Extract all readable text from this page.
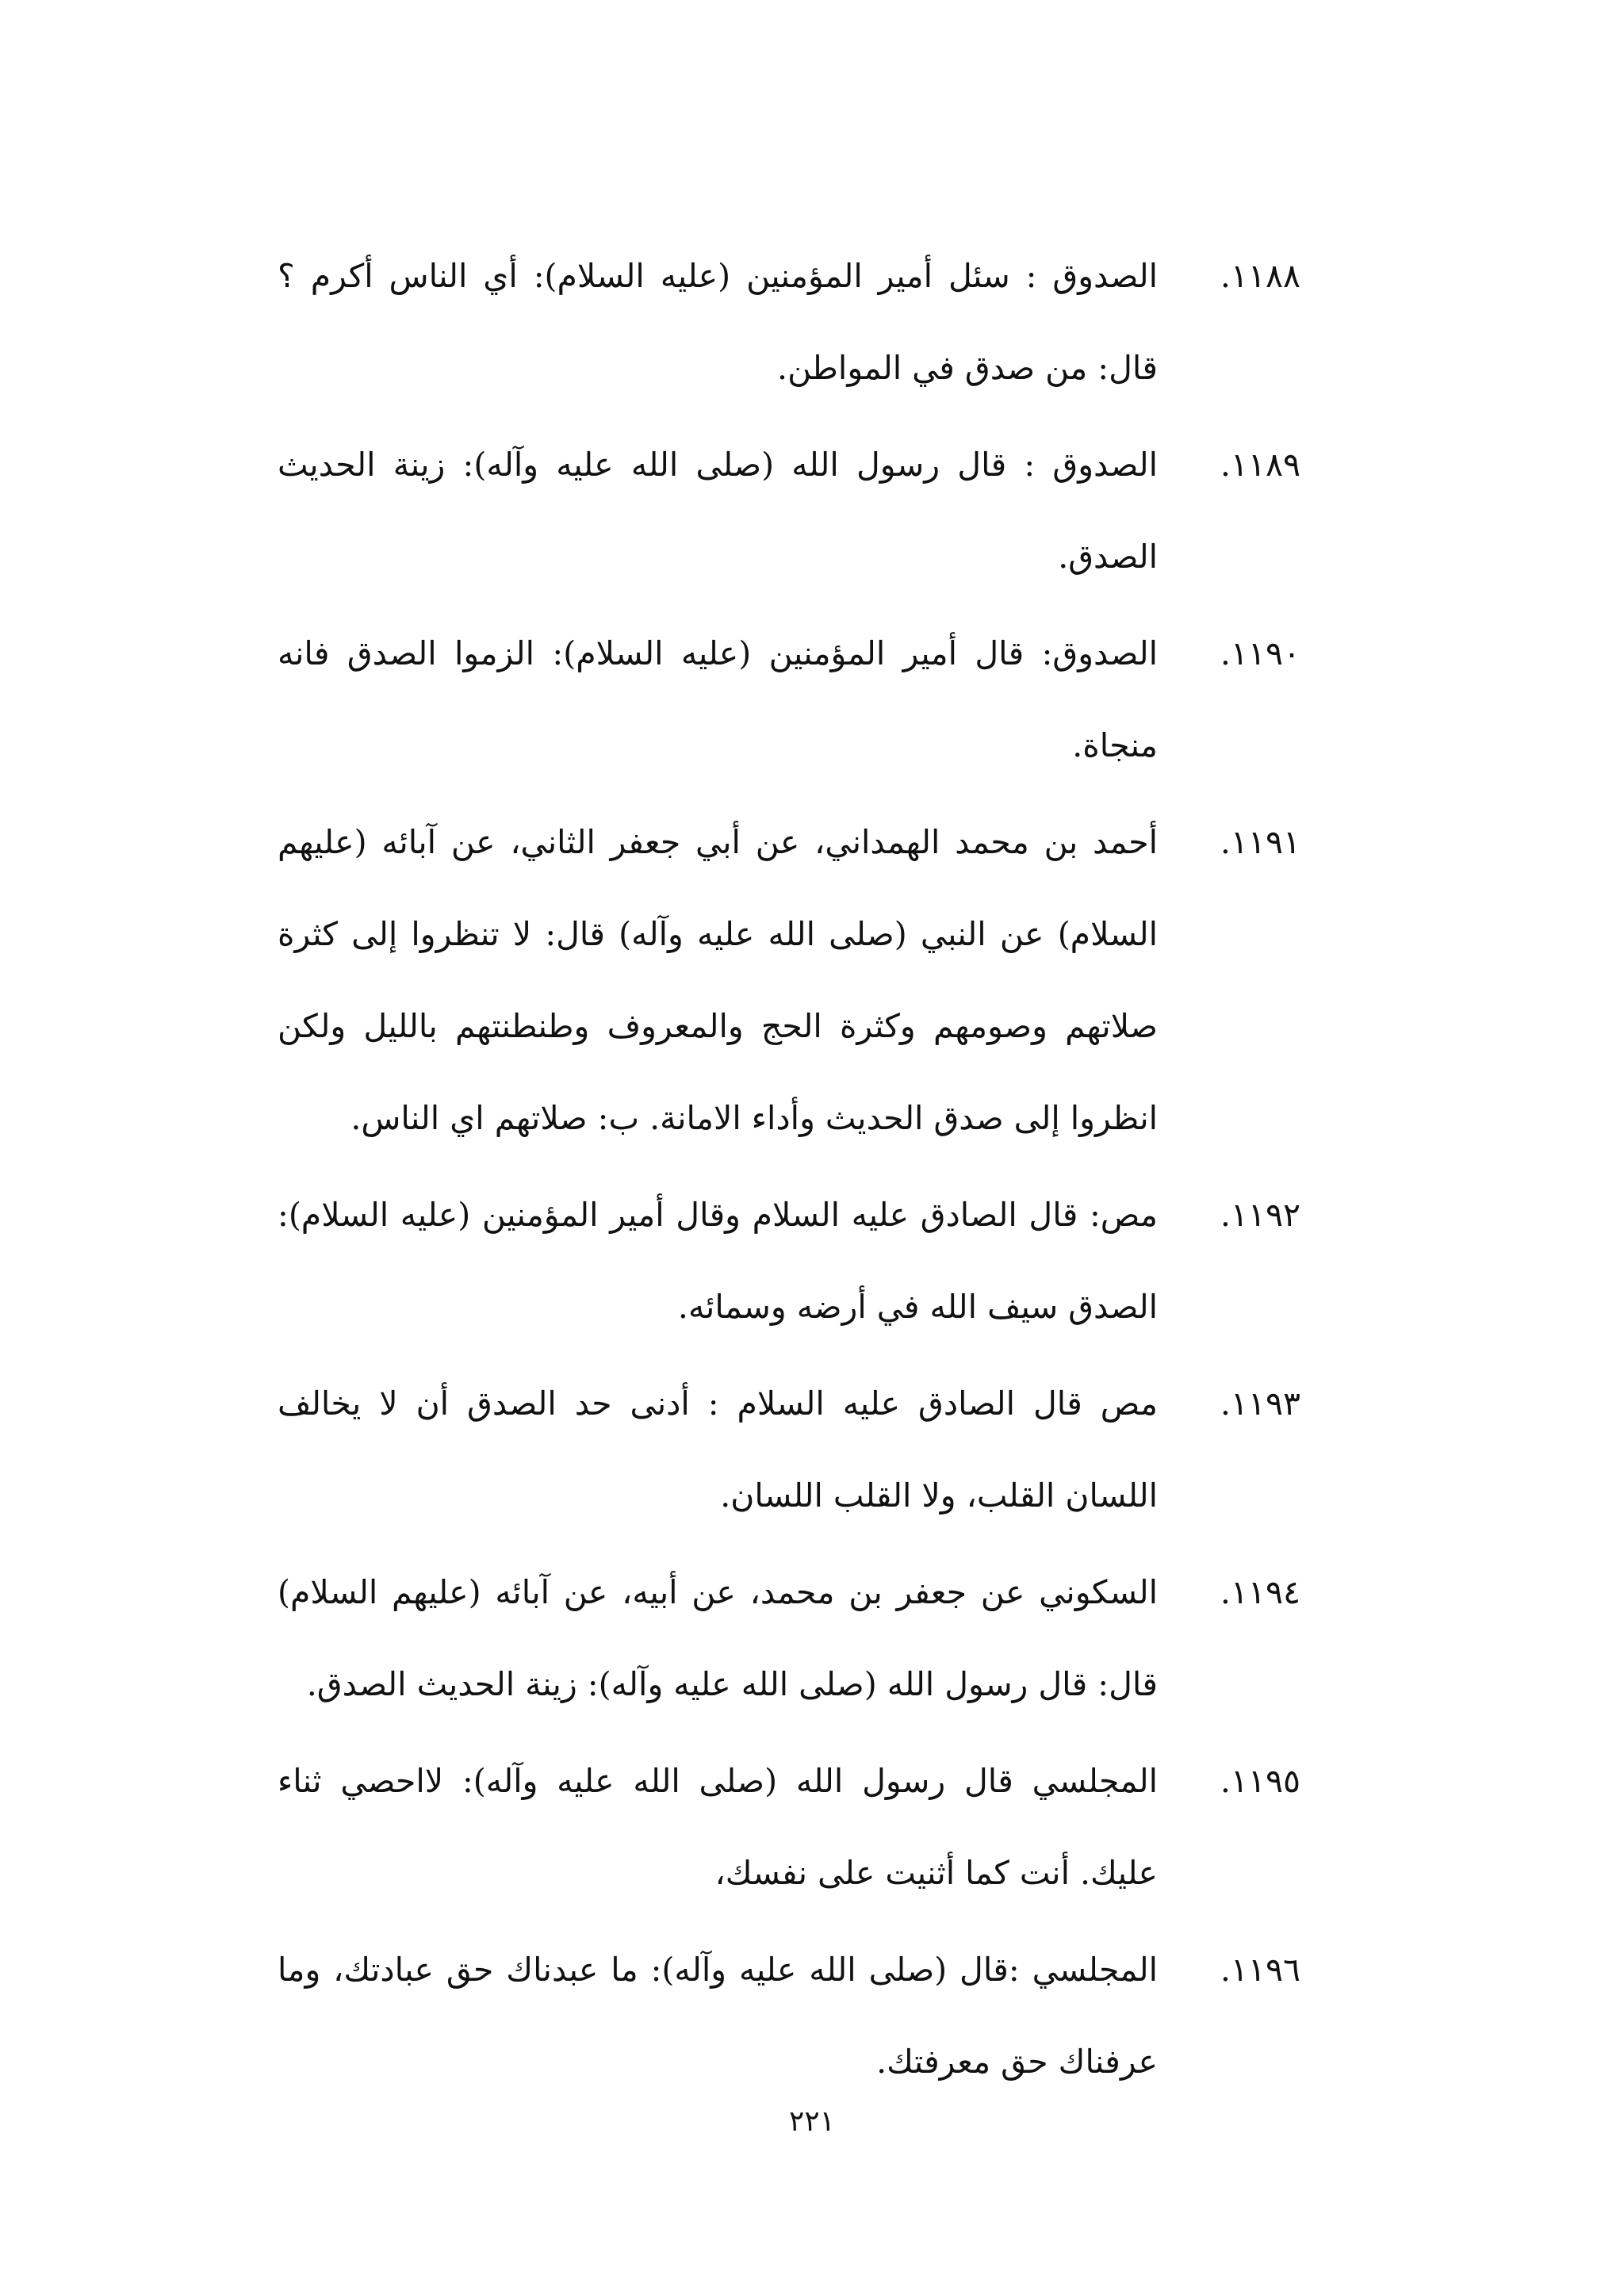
١١٨٨.
الصدوق : سئل أمير المؤمنين (عليه السلام): أي الناس أكرم ؟ قال: من صدق في المواطن.
١١٨٩.
الصدوق : قال رسول الله (صلى الله عليه وآله): زينة الحديث الصدق.
١١٩٠.
الصدوق: قال أمير المؤمنين (عليه السلام): الزموا الصدق فانه منجاة.
١١٩١.
أحمد بن محمد الهمداني، عن أبي جعفر الثاني، عن آبائه (عليهم السلام) عن النبي (صلى الله عليه وآله) قال: لا تنظروا إلى كثرة صلاتهم وصومهم وكثرة الحج والمعروف وطنطنتهم بالليل ولكن انظروا إلى صدق الحديث وأداء الامانة. ب: صلاتهم اي الناس.
١١٩٢.
مص: قال الصادق عليه السلام وقال أمير المؤمنين (عليه السلام): الصدق سيف الله في أرضه وسمائه.
١١٩٣.
مص قال الصادق عليه السلام : أدنى حد الصدق أن لا يخالف اللسان القلب، ولا القلب اللسان.
١١٩٤.
السكوني عن جعفر بن محمد، عن أبيه، عن آبائه (عليهم السلام) قال: قال رسول الله (صلى الله عليه وآله): زينة الحديث الصدق.
١١٩٥.
المجلسي قال رسول الله (صلى الله عليه وآله): لااحصي ثناء عليك. أنت كما أثنيت على نفسك،
١١٩٦.
المجلسي :قال (صلى الله عليه وآله): ما عبدناك حق عبادتك، وما عرفناك حق معرفتك.
٢٢١
